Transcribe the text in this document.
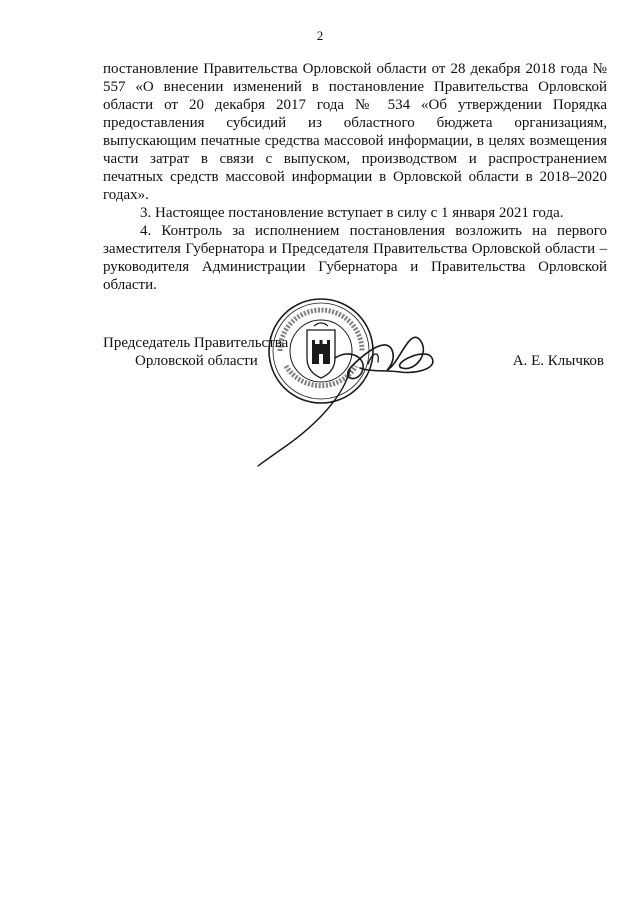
2

постановление Правительства Орловской области от 28 декабря 2018 года № 557 «О внесении изменений в постановление Правительства Орловской области от 20 декабря 2017 года № 534 «Об утверждении Порядка предоставления субсидий из областного бюджета организациям, выпускающим печатные средства массовой информации, в целях возмещения части затрат в связи с выпуском, производством и распространением печатных средств массовой информации в Орловской области в 2018–2020 годах».

3. Настоящее постановление вступает в силу с 1 января 2021 года.

4. Контроль за исполнением постановления возложить на первого заместителя Губернатора и Председателя Правительства Орловской области – руководителя Администрации Губернатора и Правительства Орловской области.

Председатель Правительства
Орловской области	А. Е. Клычков
